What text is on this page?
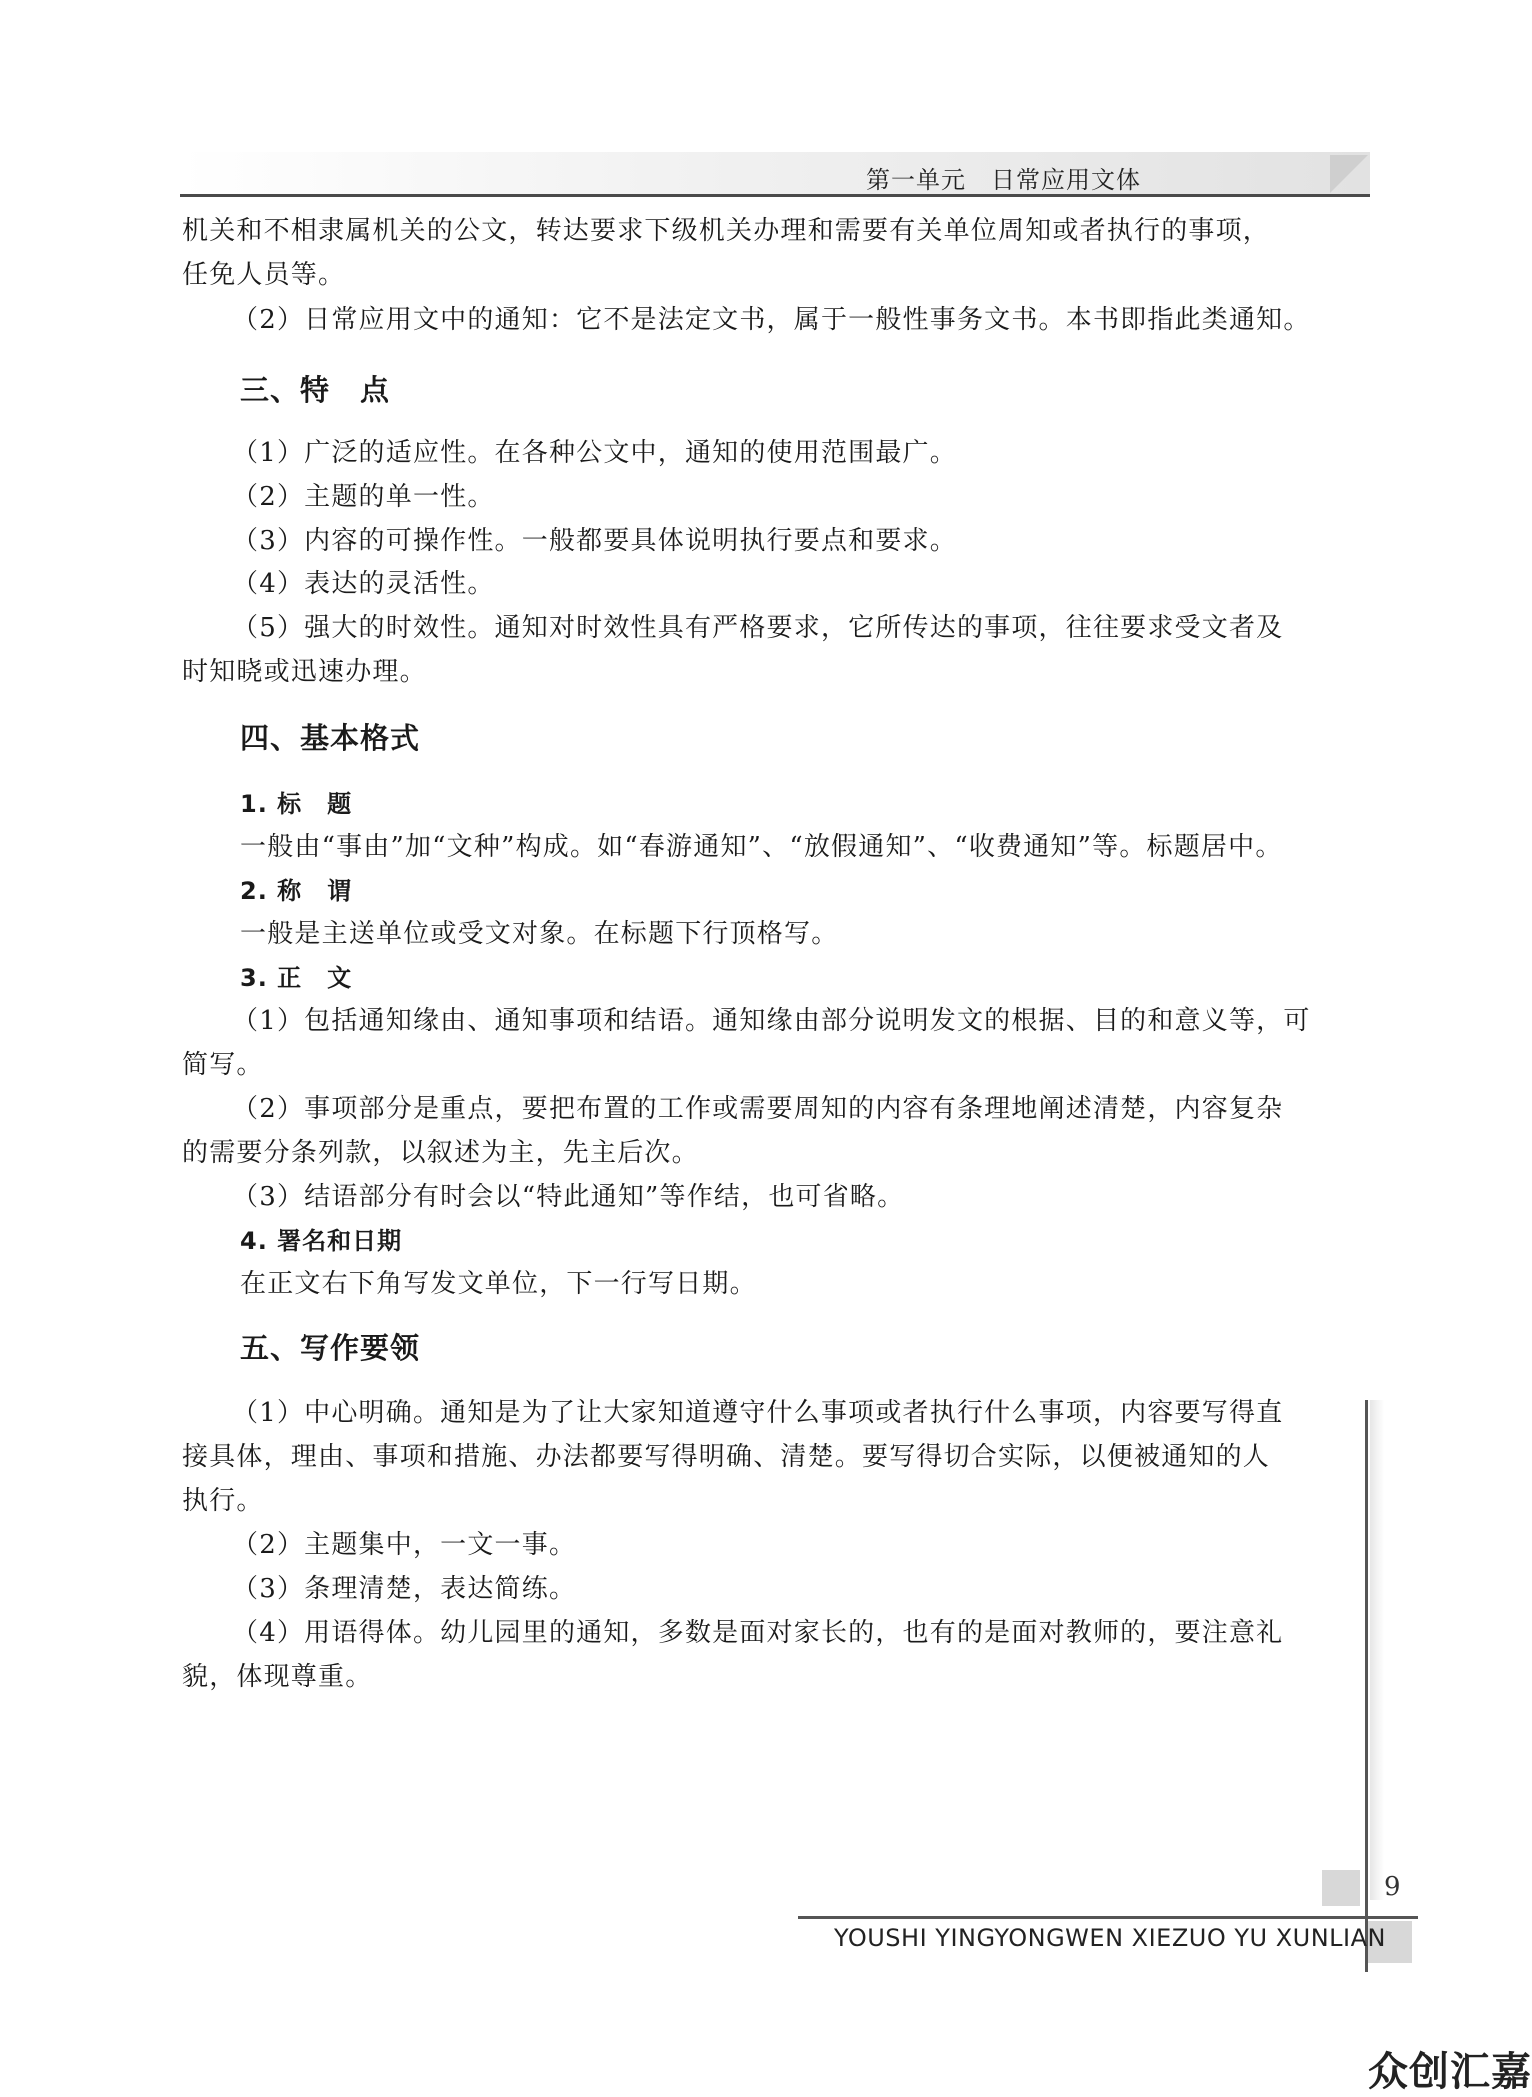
第一单元　日常应用文体
机关和不相隶属机关的公文，转达要求下级机关办理和需要有关单位周知或者执行的事项，
任免人员等。
（2）日常应用文中的通知：它不是法定文书，属于一般性事务文书。本书即指此类通知。
三、特　点
（1）广泛的适应性。在各种公文中，通知的使用范围最广。
（2）主题的单一性。
（3）内容的可操作性。一般都要具体说明执行要点和要求。
（4）表达的灵活性。
（5）强大的时效性。通知对时效性具有严格要求，它所传达的事项，往往要求受文者及
时知晓或迅速办理。
四、基本格式
1. 标　题
一般由“事由”加“文种”构成。如“春游通知”、“放假通知”、“收费通知”等。标题居中。
2. 称　谓
一般是主送单位或受文对象。在标题下行顶格写。
3. 正　文
（1）包括通知缘由、通知事项和结语。通知缘由部分说明发文的根据、目的和意义等，可
简写。
（2）事项部分是重点，要把布置的工作或需要周知的内容有条理地阐述清楚，内容复杂
的需要分条列款，以叙述为主，先主后次。
（3）结语部分有时会以“特此通知”等作结，也可省略。
4. 署名和日期
在正文右下角写发文单位，下一行写日期。
五、写作要领
（1）中心明确。通知是为了让大家知道遵守什么事项或者执行什么事项，内容要写得直
接具体，理由、事项和措施、办法都要写得明确、清楚。要写得切合实际，以便被通知的人
执行。
（2）主题集中，一文一事。
（3）条理清楚，表达简练。
（4）用语得体。幼儿园里的通知，多数是面对家长的，也有的是面对教师的，要注意礼
貌，体现尊重。
9
YOUSHI YINGYONGWEN XIEZUO YU XUNLIAN
众创汇嘉
